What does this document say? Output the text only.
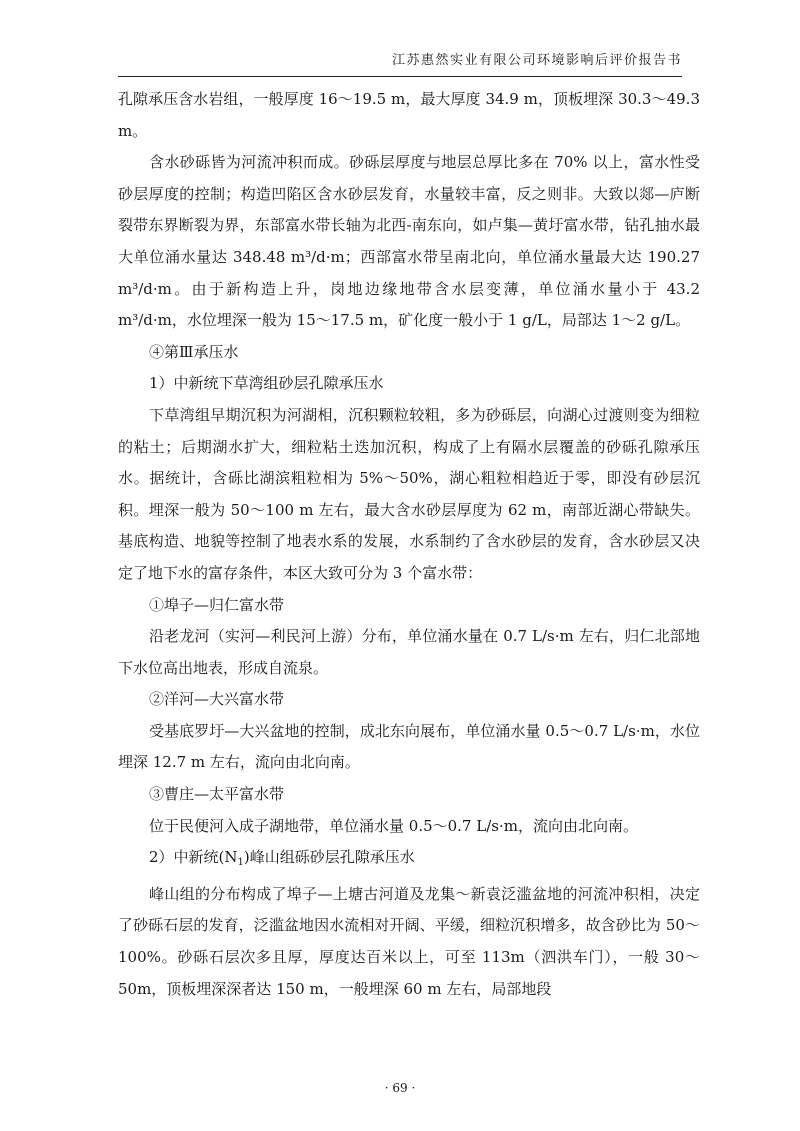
江苏惠然实业有限公司环境影响后评价报告书

孔隙承压含水岩组，一般厚度 16～19.5 m，最大厚度 34.9 m，顶板埋深 30.3～49.3 m。

含水砂砾皆为河流冲积而成。砂砾层厚度与地层总厚比多在 70% 以上，富水性受砂层厚度的控制；构造凹陷区含水砂层发育，水量较丰富，反之则非。大致以郯—庐断裂带东界断裂为界，东部富水带长轴为北西-南东向，如卢集—黄圩富水带，钻孔抽水最大单位涌水量达 348.48 m³/d·m；西部富水带呈南北向，单位涌水量最大达 190.27 m³/d·m。由于新构造上升，岗地边缘地带含水层变薄，单位涌水量小于 43.2 m³/d·m，水位埋深一般为 15～17.5 m，矿化度一般小于 1 g/L，局部达 1～2 g/L。

④第Ⅲ承压水

1）中新统下草湾组砂层孔隙承压水

下草湾组早期沉积为河湖相，沉积颗粒较粗，多为砂砾层，向湖心过渡则变为细粒的粘土；后期湖水扩大，细粒粘土迭加沉积，构成了上有隔水层覆盖的砂砾孔隙承压水。据统计，含砾比湖滨粗粒相为 5%～50%，湖心粗粒相趋近于零，即没有砂层沉积。埋深一般为 50～100 m 左右，最大含水砂层厚度为 62 m，南部近湖心带缺失。基底构造、地貌等控制了地表水系的发展，水系制约了含水砂层的发育，含水砂层又决定了地下水的富存条件，本区大致可分为 3 个富水带：

①埠子—归仁富水带

沿老龙河（实河—利民河上游）分布，单位涌水量在 0.7 L/s·m 左右，归仁北部地下水位高出地表，形成自流泉。

②洋河—大兴富水带

受基底罗圩—大兴盆地的控制，成北东向展布，单位涌水量 0.5～0.7 L/s·m，水位埋深 12.7 m 左右，流向由北向南。

③曹庄—太平富水带

位于民便河入成子湖地带，单位涌水量 0.5～0.7 L/s·m，流向由北向南。

2）中新统$(N_1)$峰山组砾砂层孔隙承压水

峰山组的分布构成了埠子—上塘古河道及龙集～新袁泛滥盆地的河流冲积相，决定了砂砾石层的发育，泛滥盆地因水流相对开阔、平缓，细粒沉积增多，故含砂比为 50～100%。砂砾石层次多且厚，厚度达百米以上，可至 113m（泗洪车门），一般 30～50m，顶板埋深深者达 150 m，一般埋深 60 m 左右，局部地段

· 69 ·
